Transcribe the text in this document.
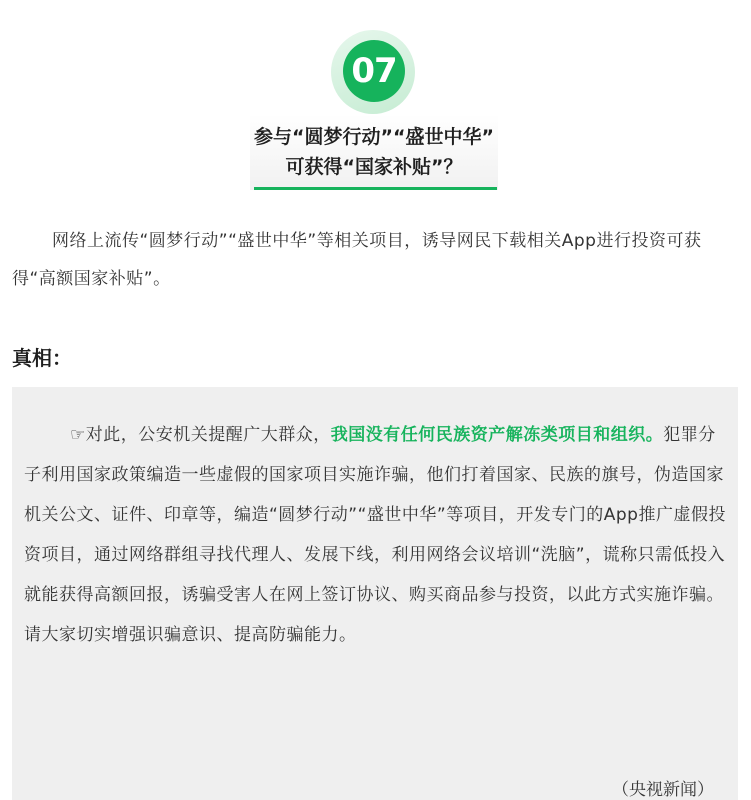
07
参与“圆梦行动”“盛世中华”
可获得“国家补贴”？

网络上流传“圆梦行动”“盛世中华”等相关项目，诱导网民下载相关App进行投资可获得“高额国家补贴”。

真相：

☞对此，公安机关提醒广大群众，我国没有任何民族资产解冻类项目和组织。犯罪分子利用国家政策编造一些虚假的国家项目实施诈骗，他们打着国家、民族的旗号，伪造国家机关公文、证件、印章等，编造“圆梦行动”“盛世中华”等项目，开发专门的App推广虚假投资项目，通过网络群组寻找代理人、发展下线，利用网络会议培训“洗脑”，谎称只需低投入就能获得高额回报，诱骗受害人在网上签订协议、购买商品参与投资，以此方式实施诈骗。请大家切实增强识骗意识、提高防骗能力。

（央视新闻）
